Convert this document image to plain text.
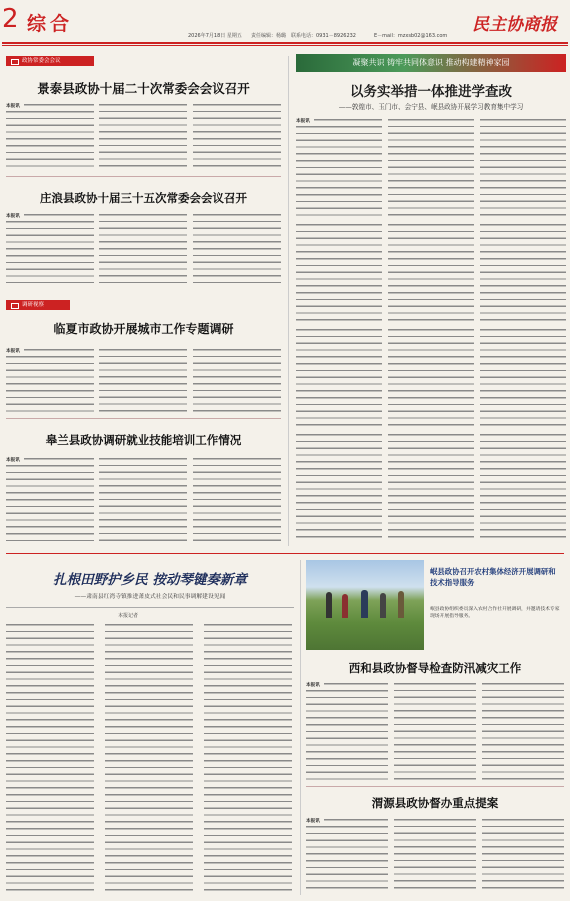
2 综合
2026年7月18日 星期五 责任编辑：杨璐 联系电话：0931－8926232	E－mail：mzxsb02@163.com
民主协商报
政协常委会会议
景泰县政协十届二十次常委会会议召开
本报讯
庄浪县政协十届三十五次常委会会议召开
本报讯
调研视察
临夏市政协开展城市工作专题调研
本报讯
皋兰县政协调研就业技能培训工作情况
本报讯
凝聚共识 铸牢共同体意识 推动构建精神家园
以务实举措一体推进学查改
——敦煌市、玉门市、会宁县、岷县政协开展学习教育集中学习
本报讯
扎根田野护乡民 按动琴键奏新章
——肃南县红湾寺镇推进萧皮式社会民和民事调解建设见闻
本报记者
岷县政协召开农村集体经济开展调研和技术指导服务
岷县政协组织委员深入农村合作社开展调研，并邀请技术专家现场开展指导服务。
西和县政协督导检查防汛减灾工作
本报讯
渭源县政协督办重点提案
本报讯
